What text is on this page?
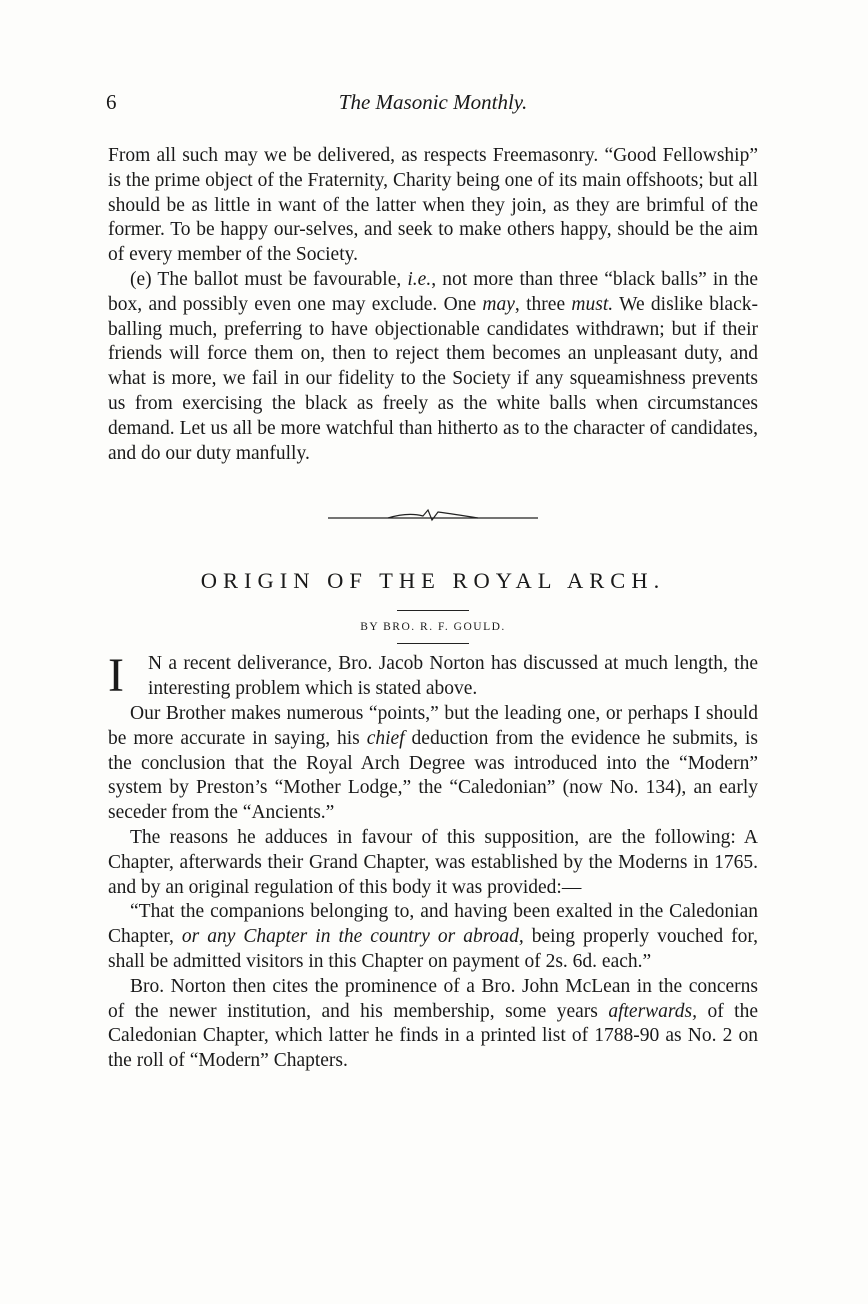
6	The Masonic Monthly.

From all such may we be delivered, as respects Freemasonry. “Good Fellowship” is the prime object of the Fraternity, Charity being one of its main offshoots; but all should be as little in want of the latter when they join, as they are brimful of the former. To be happy our-selves, and seek to make others happy, should be the aim of every member of the Society.

(e) The ballot must be favourable, i.e., not more than three “black balls” in the box, and possibly even one may exclude. One may, three must. We dislike black-balling much, preferring to have objectionable candidates withdrawn; but if their friends will force them on, then to reject them becomes an unpleasant duty, and what is more, we fail in our fidelity to the Society if any squeamishness prevents us from exercising the black as freely as the white balls when circumstances demand. Let us all be more watchful than hitherto as to the character of candidates, and do our duty manfully.

ORIGIN OF THE ROYAL ARCH.
BY BRO. R. F. GOULD.

I N a recent deliverance, Bro. Jacob Norton has discussed at much length, the interesting problem which is stated above.

Our Brother makes numerous “points,” but the leading one, or perhaps I should be more accurate in saying, his chief deduction from the evidence he submits, is the conclusion that the Royal Arch Degree was introduced into the “Modern” system by Preston’s “Mother Lodge,” the “Caledonian” (now No. 134), an early seceder from the “Ancients.”

The reasons he adduces in favour of this supposition, are the following: A Chapter, afterwards their Grand Chapter, was established by the Moderns in 1765. and by an original regulation of this body it was provided:—

“That the companions belonging to, and having been exalted in the Caledonian Chapter, or any Chapter in the country or abroad, being properly vouched for, shall be admitted visitors in this Chapter on payment of 2s. 6d. each.”

Bro. Norton then cites the prominence of a Bro. John McLean in the concerns of the newer institution, and his membership, some years afterwards, of the Caledonian Chapter, which latter he finds in a printed list of 1788-90 as No. 2 on the roll of “Modern” Chapters.
